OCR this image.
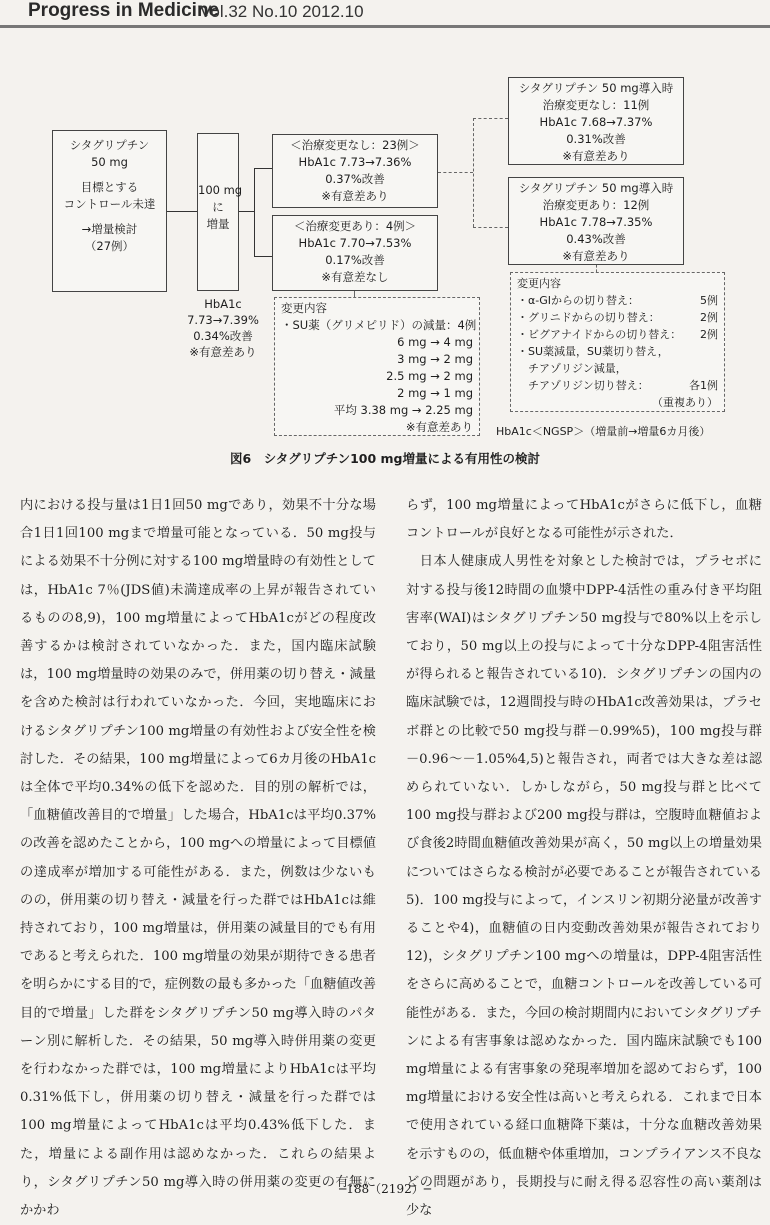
Progress in Medicine
Vol.32 No.10 2012.10
シタグリプチン
50 mg
目標とする
コントロール未達
→増量検討
（27例）
100 mg
に
増量
HbA1c
7.73→7.39%
0.34%改善
※有意差あり
＜治療変更なし：23例＞
HbA1c 7.73→7.36%
0.37%改善
※有意差あり
＜治療変更あり：4例＞
HbA1c 7.70→7.53%
0.17%改善
※有意差なし
変更内容
・SU薬（グリメピリド）の減量：4例
6 mg → 4 mg
3 mg → 2 mg
2.5 mg → 2 mg
2 mg → 1 mg
平均 3.38 mg → 2.25 mg
※有意差あり
シタグリプチン 50 mg導入時
治療変更なし：11例
HbA1c 7.68→7.37%
0.31%改善
※有意差あり
シタグリプチン 50 mg導入時
治療変更あり：12例
HbA1c 7.78→7.35%
0.43%改善
※有意差あり
変更内容
・α-GIからの切り替え：	5例
・グリニドからの切り替え：	2例
・ビグアナイドからの切り替え： 2例
・SU薬減量，SU薬切り替え，
　チアゾリジン減量，
　チアゾリジン切り替え：	各1例
（重複あり）
HbA1c＜NGSP＞（増量前→増量6カ月後）
図6　シタグリプチン100 mg増量による有用性の検討

内における投与量は1日1回50 mgであり，効果不十分な場合1日1回100 mgまで増量可能となっている．50 mg投与による効果不十分例に対する100 mg増量時の有効性としては，HbA1c 7％(JDS値)未満達成率の上昇が報告されているものの8,9)，100 mg増量によってHbA1cがどの程度改善するかは検討されていなかった．また，国内臨床試験は，100 mg増量時の効果のみで，併用薬の切り替え・減量を含めた検討は行われていなかった．今回，実地臨床におけるシタグリプチン100 mg増量の有効性および安全性を検討した．その結果，100 mg増量によって6カ月後のHbA1cは全体で平均0.34%の低下を認めた．目的別の解析では，「血糖値改善目的で増量」した場合，HbA1cは平均0.37%の改善を認めたことから，100 mgへの増量によって目標値の達成率が増加する可能性がある．また，例数は少ないものの，併用薬の切り替え・減量を行った群ではHbA1cは維持されており，100 mg増量は，併用薬の減量目的でも有用であると考えられた．100 mg増量の効果が期待できる患者を明らかにする目的で，症例数の最も多かった「血糖値改善目的で増量」した群をシタグリプチン50 mg導入時のパターン別に解析した．その結果，50 mg導入時併用薬の変更を行わなかった群では，100 mg増量によりHbA1cは平均0.31%低下し，併用薬の切り替え・減量を行った群では100 mg増量によってHbA1cは平均0.43%低下した．また，増量による副作用は認めなかった．これらの結果より，シタグリプチン50 mg導入時の併用薬の変更の有無にかかわ

らず，100 mg増量によってHbA1cがさらに低下し，血糖コントロールが良好となる可能性が示された．

　日本人健康成人男性を対象とした検討では，プラセボに対する投与後12時間の血漿中DPP-4活性の重み付き平均阻害率(WAI)はシタグリプチン50 mg投与で80%以上を示しており，50 mg以上の投与によって十分なDPP-4阻害活性が得られると報告されている10)．シタグリプチンの国内の臨床試験では，12週間投与時のHbA1c改善効果は，プラセボ群との比較で50 mg投与群－0.99%5)，100 mg投与群－0.96～－1.05%4,5)と報告され，両者では大きな差は認められていない．しかしながら，50 mg投与群と比べて100 mg投与群および200 mg投与群は，空腹時血糖値および食後2時間血糖値改善効果が高く，50 mg以上の増量効果についてはさらなる検討が必要であることが報告されている5)．100 mg投与によって，インスリン初期分泌量が改善することや4)，血糖値の日内変動改善効果が報告されており12)，シタグリプチン100 mgへの増量は，DPP-4阻害活性をさらに高めることで，血糖コントロールを改善している可能性がある．また，今回の検討期間内においてシタグリプチンによる有害事象は認めなかった．国内臨床試験でも100 mg増量による有害事象の発現率増加を認めておらず，100 mg増量における安全性は高いと考えられる．これまで日本で使用されている経口血糖降下薬は，十分な血糖改善効果を示すものの，低血糖や体重増加，コンプライアンス不良などの問題があり，長期投与に耐え得る忍容性の高い薬剤は少な

─188（2192）─
